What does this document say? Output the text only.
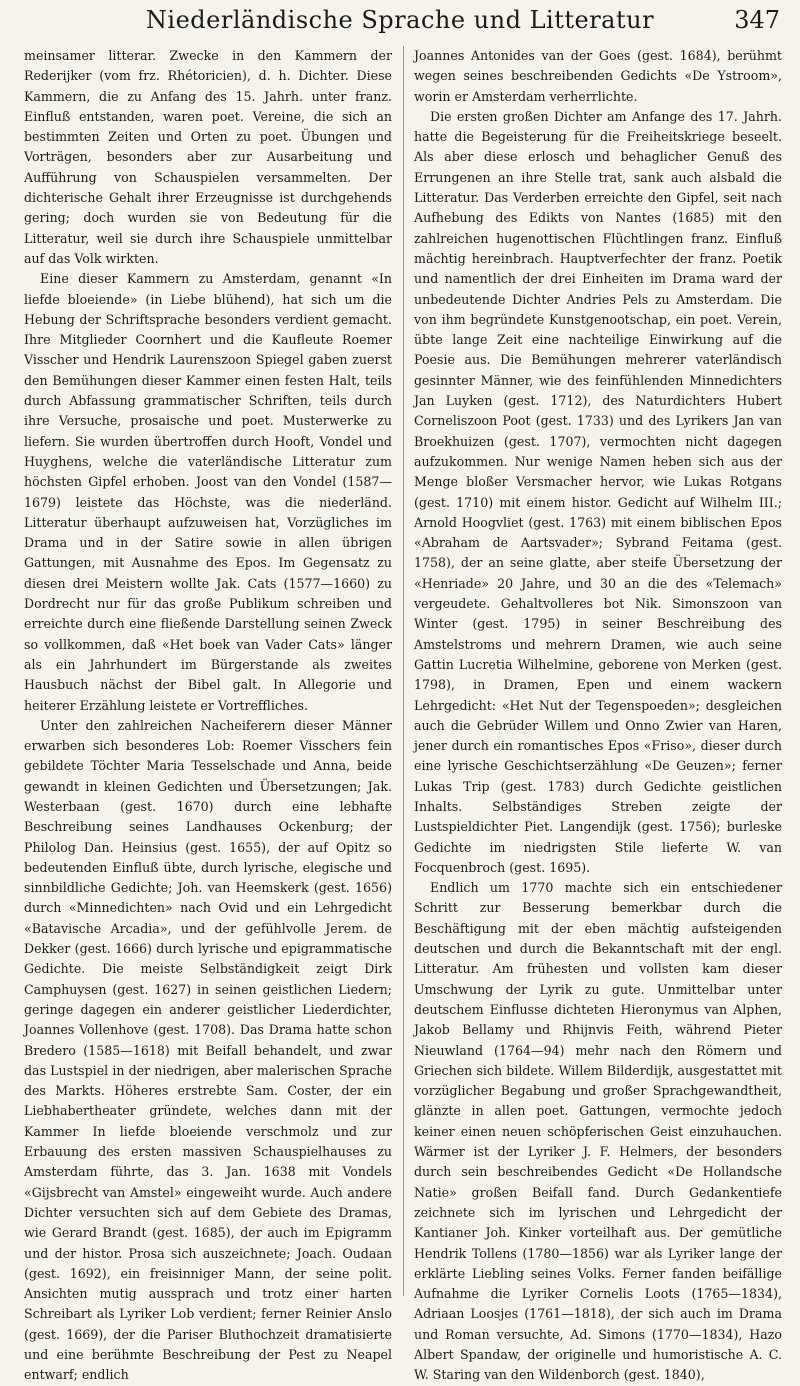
Niederländische Sprache und Litteratur	347

meinsamer litterar. Zwecke in den Kammern der Rederijker (vom frz. Rhétoricien), d. h. Dichter. Diese Kammern, die zu Anfang des 15. Jahrh. unter franz. Einfluß entstanden, waren poet. Vereine, die sich an bestimmten Zeiten und Orten zu poet. Übungen und Vorträgen, besonders aber zur Ausarbeitung und Aufführung von Schauspielen versammelten. Der dichterische Gehalt ihrer Erzeugnisse ist durchgehends gering; doch wurden sie von Bedeutung für die Litteratur, weil sie durch ihre Schauspiele unmittelbar auf das Volk wirkten.

Eine dieser Kammern zu Amsterdam, genannt «In liefde bloeiende» (in Liebe blühend), hat sich um die Hebung der Schriftsprache besonders verdient gemacht. Ihre Mitglieder Coornhert und die Kaufleute Roemer Visscher und Hendrik Laurenszoon Spiegel gaben zuerst den Bemühungen dieser Kammer einen festen Halt, teils durch Abfassung grammatischer Schriften, teils durch ihre Versuche, prosaische und poet. Musterwerke zu liefern. Sie wurden übertroffen durch Hooft, Vondel und Huyghens, welche die vaterländische Litteratur zum höchsten Gipfel erhoben. Joost van den Vondel (1587—1679) leistete das Höchste, was die niederländ. Litteratur überhaupt aufzuweisen hat, Vorzügliches im Drama und in der Satire sowie in allen übrigen Gattungen, mit Ausnahme des Epos. Im Gegensatz zu diesen drei Meistern wollte Jak. Cats (1577—1660) zu Dordrecht nur für das große Publikum schreiben und erreichte durch eine fließende Darstellung seinen Zweck so vollkommen, daß «Het boek van Vader Cats» länger als ein Jahrhundert im Bürgerstande als zweites Hausbuch nächst der Bibel galt. In Allegorie und heiterer Erzählung leistete er Vortreffliches.

Unter den zahlreichen Nacheiferern dieser Männer erwarben sich besonderes Lob: Roemer Visschers fein gebildete Töchter Maria Tesselschade und Anna, beide gewandt in kleinen Gedichten und Übersetzungen; Jak. Westerbaan (gest. 1670) durch eine lebhafte Beschreibung seines Landhauses Ockenburg; der Philolog Dan. Heinsius (gest. 1655), der auf Opitz so bedeutenden Einfluß übte, durch lyrische, elegische und sinnbildliche Gedichte; Joh. van Heemskerk (gest. 1656) durch «Minnedichten» nach Ovid und ein Lehrgedicht «Batavische Arcadia», und der gefühlvolle Jerem. de Dekker (gest. 1666) durch lyrische und epigrammatische Gedichte. Die meiste Selbständigkeit zeigt Dirk Camphuysen (gest. 1627) in seinen geistlichen Liedern; geringe dagegen ein anderer geistlicher Liederdichter, Joannes Vollenhove (gest. 1708). Das Drama hatte schon Bredero (1585—1618) mit Beifall behandelt, und zwar das Lustspiel in der niedrigen, aber malerischen Sprache des Markts. Höheres erstrebte Sam. Coster, der ein Liebhabertheater gründete, welches dann mit der Kammer In liefde bloeiende verschmolz und zur Erbauung des ersten massiven Schauspielhauses zu Amsterdam führte, das 3. Jan. 1638 mit Vondels «Gijsbrecht van Amstel» eingeweiht wurde. Auch andere Dichter versuchten sich auf dem Gebiete des Dramas, wie Gerard Brandt (gest. 1685), der auch im Epigramm und der histor. Prosa sich auszeichnete; Joach. Oudaan (gest. 1692), ein freisinniger Mann, der seine polit. Ansichten mutig aussprach und trotz einer harten Schreibart als Lyriker Lob verdient; ferner Reinier Anslo (gest. 1669), der die Pariser Bluthochzeit dramatisierte und eine berühmte Beschreibung der Pest zu Neapel entwarf; endlich

Joannes Antonides van der Goes (gest. 1684), berühmt wegen seines beschreibenden Gedichts «De Ystroom», worin er Amsterdam verherrlichte.

Die ersten großen Dichter am Anfange des 17. Jahrh. hatte die Begeisterung für die Freiheitskriege beseelt. Als aber diese erlosch und behaglicher Genuß des Errungenen an ihre Stelle trat, sank auch alsbald die Litteratur. Das Verderben erreichte den Gipfel, seit nach Aufhebung des Edikts von Nantes (1685) mit den zahlreichen hugenottischen Flüchtlingen franz. Einfluß mächtig hereinbrach. Hauptverfechter der franz. Poetik und namentlich der drei Einheiten im Drama ward der unbedeutende Dichter Andries Pels zu Amsterdam. Die von ihm begründete Kunstgenootschap, ein poet. Verein, übte lange Zeit eine nachteilige Einwirkung auf die Poesie aus. Die Bemühungen mehrerer vaterländisch gesinnter Männer, wie des feinfühlenden Minnedichters Jan Luyken (gest. 1712), des Naturdichters Hubert Corneliszoon Poot (gest. 1733) und des Lyrikers Jan van Broekhuizen (gest. 1707), vermochten nicht dagegen aufzukommen. Nur wenige Namen heben sich aus der Menge bloßer Versmacher hervor, wie Lukas Rotgans (gest. 1710) mit einem histor. Gedicht auf Wilhelm III.; Arnold Hoogvliet (gest. 1763) mit einem biblischen Epos «Abraham de Aartsvader»; Sybrand Feitama (gest. 1758), der an seine glatte, aber steife Übersetzung der «Henriade» 20 Jahre, und 30 an die des «Telemach» vergeudete. Gehaltvolleres bot Nik. Simonszoon van Winter (gest. 1795) in seiner Beschreibung des Amstelstroms und mehrern Dramen, wie auch seine Gattin Lucretia Wilhelmine, geborene von Merken (gest. 1798), in Dramen, Epen und einem wackern Lehrgedicht: «Het Nut der Tegenspoeden»; desgleichen auch die Gebrüder Willem und Onno Zwier van Haren, jener durch ein romantisches Epos «Friso», dieser durch eine lyrische Geschichtserzählung «De Geuzen»; ferner Lukas Trip (gest. 1783) durch Gedichte geistlichen Inhalts. Selbständiges Streben zeigte der Lustspieldichter Piet. Langendijk (gest. 1756); burleske Gedichte im niedrigsten Stile lieferte W. van Focquenbroch (gest. 1695).

Endlich um 1770 machte sich ein entschiedener Schritt zur Besserung bemerkbar durch die Beschäftigung mit der eben mächtig aufsteigenden deutschen und durch die Bekanntschaft mit der engl. Litteratur. Am frühesten und vollsten kam dieser Umschwung der Lyrik zu gute. Unmittelbar unter deutschem Einflusse dichteten Hieronymus van Alphen, Jakob Bellamy und Rhijnvis Feith, während Pieter Nieuwland (1764—94) mehr nach den Römern und Griechen sich bildete. Willem Bilderdijk, ausgestattet mit vorzüglicher Begabung und großer Sprachgewandtheit, glänzte in allen poet. Gattungen, vermochte jedoch keiner einen neuen schöpferischen Geist einzuhauchen. Wärmer ist der Lyriker J. F. Helmers, der besonders durch sein beschreibendes Gedicht «De Hollandsche Natie» großen Beifall fand. Durch Gedankentiefe zeichnete sich im lyrischen und Lehrgedicht der Kantianer Joh. Kinker vorteilhaft aus. Der gemütliche Hendrik Tollens (1780—1856) war als Lyriker lange der erklärte Liebling seines Volks. Ferner fanden beifällige Aufnahme die Lyriker Cornelis Loots (1765—1834), Adriaan Loosjes (1761—1818), der sich auch im Drama und Roman versuchte, Ad. Simons (1770—1834), Hazo Albert Spandaw, der originelle und humoristische A. C. W. Staring van den Wildenborch (gest. 1840),
